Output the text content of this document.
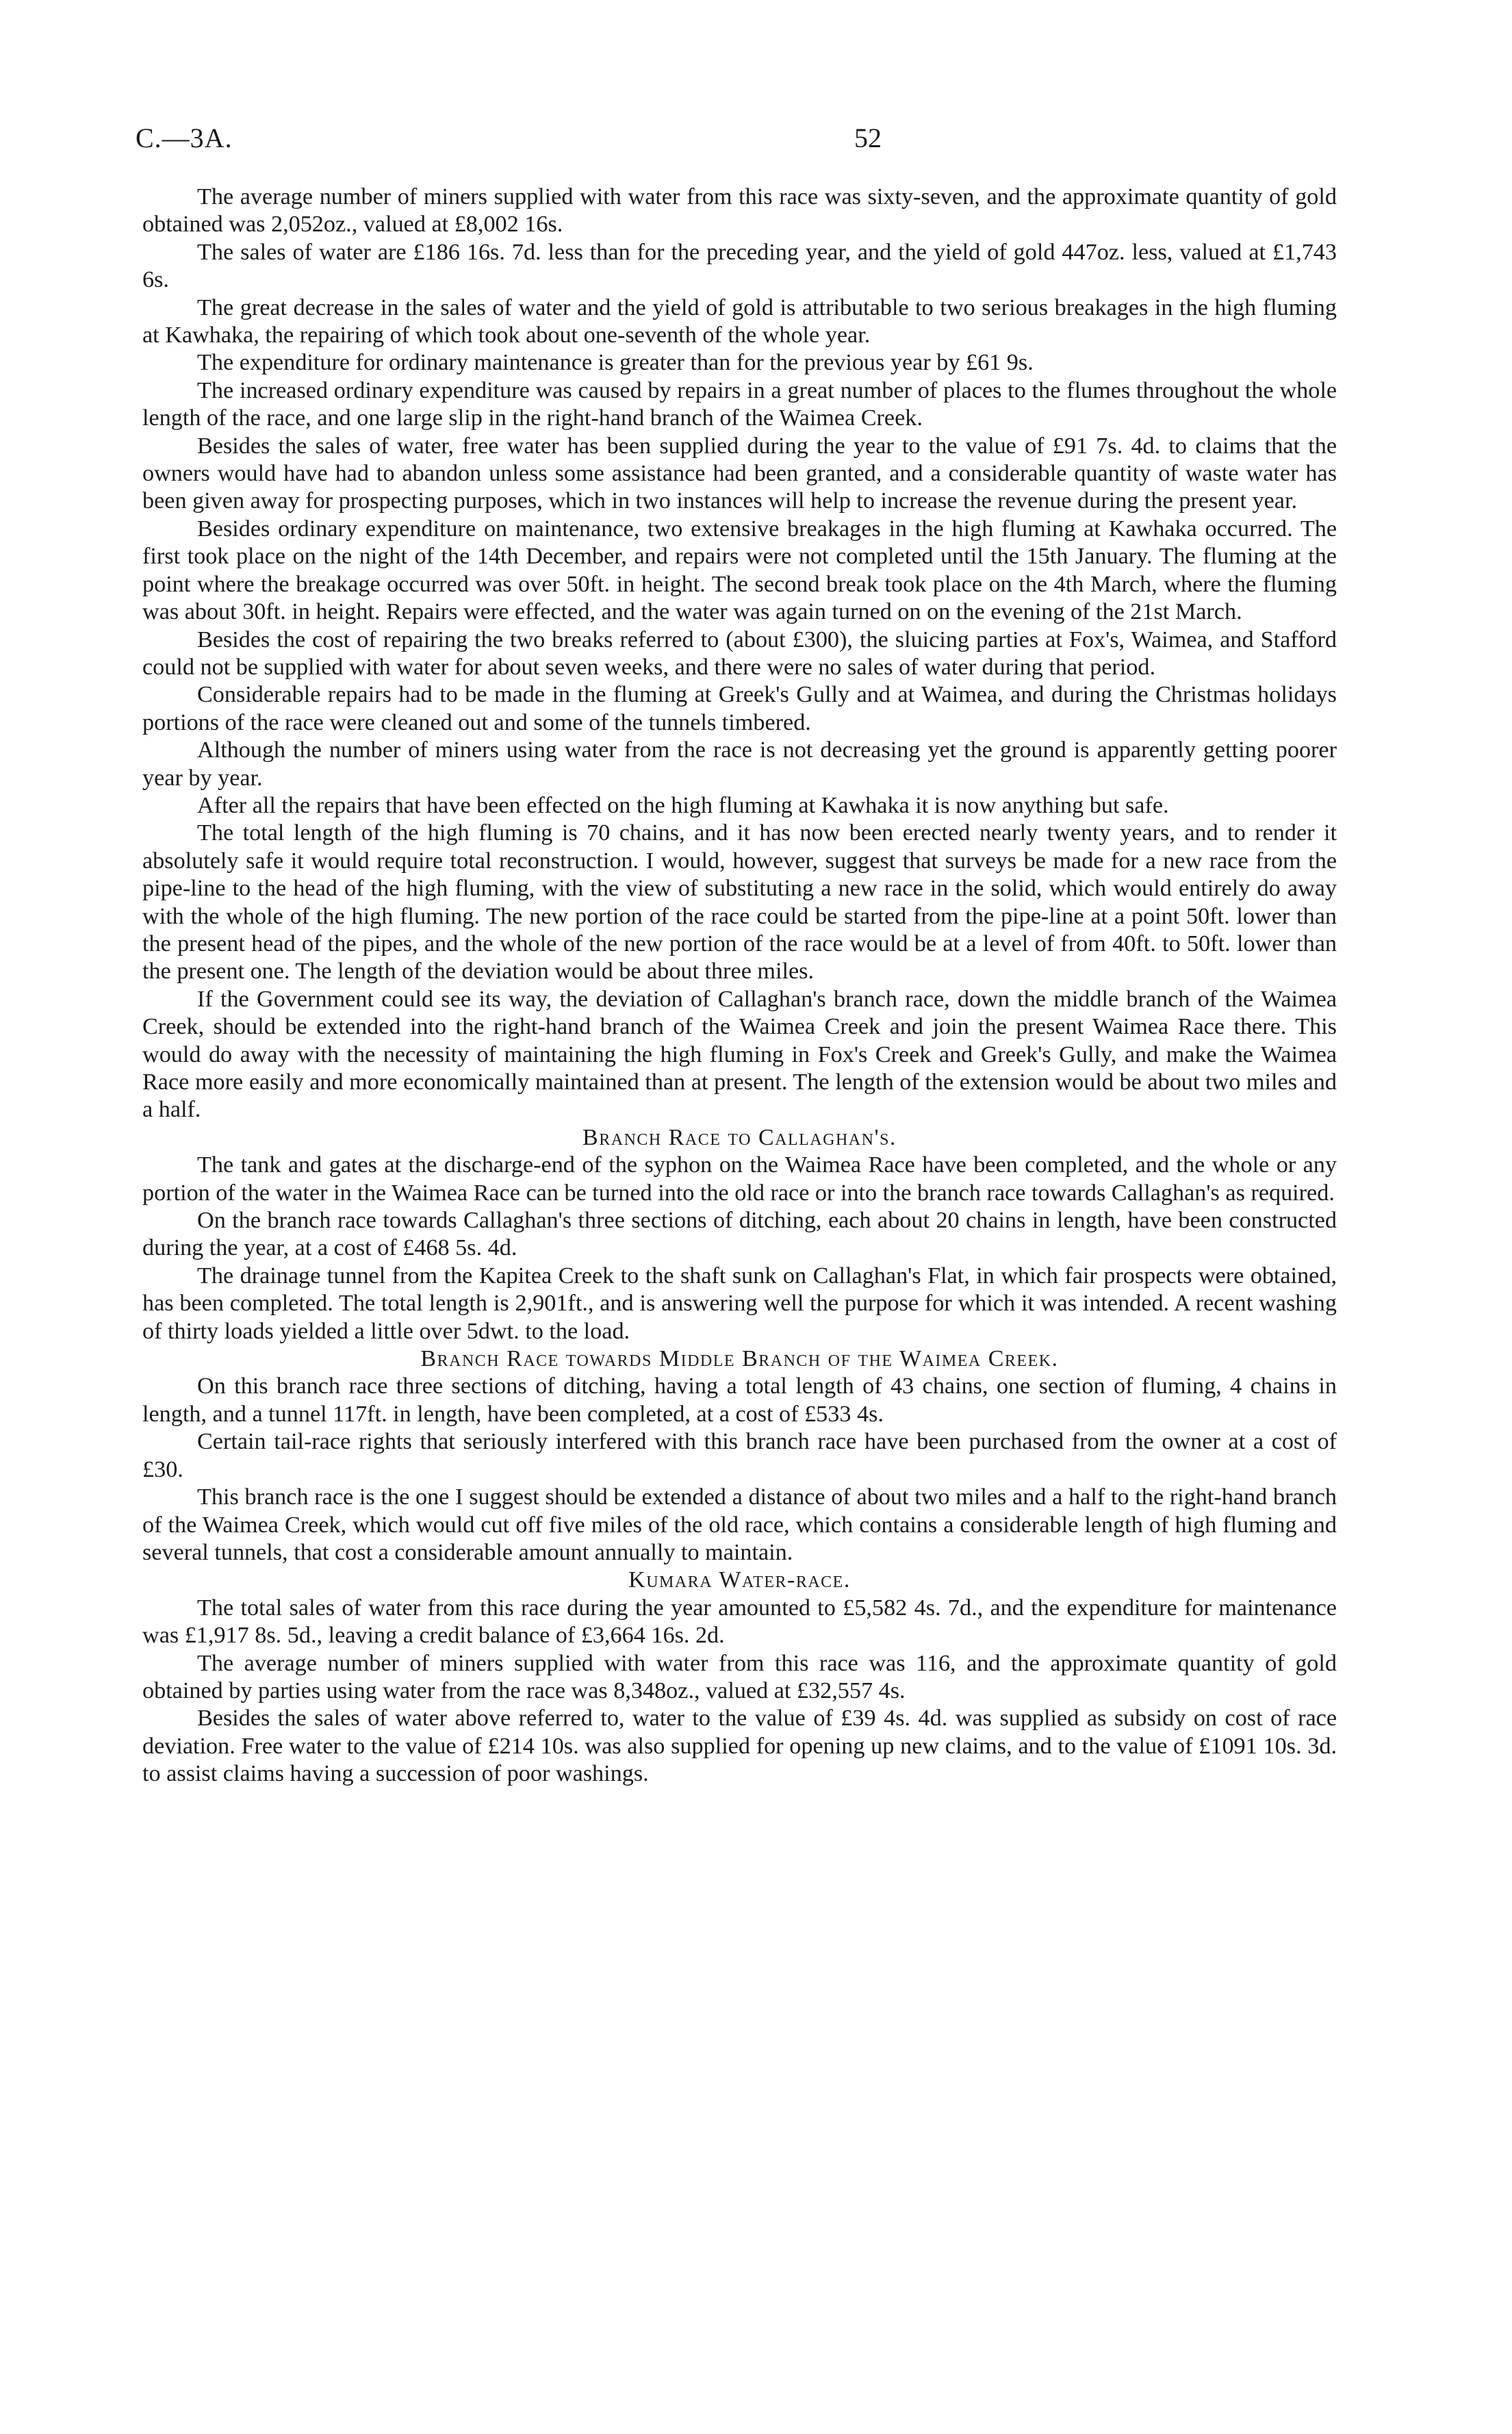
C.—3A.	52

The average number of miners supplied with water from this race was sixty-seven, and the approximate quantity of gold obtained was 2,052oz., valued at £8,002 16s.

The sales of water are £186 16s. 7d. less than for the preceding year, and the yield of gold 447oz. less, valued at £1,743 6s.

The great decrease in the sales of water and the yield of gold is attributable to two serious breakages in the high fluming at Kawhaka, the repairing of which took about one-seventh of the whole year.

The expenditure for ordinary maintenance is greater than for the previous year by £61 9s.

The increased ordinary expenditure was caused by repairs in a great number of places to the flumes throughout the whole length of the race, and one large slip in the right-hand branch of the Waimea Creek.

Besides the sales of water, free water has been supplied during the year to the value of £91 7s. 4d. to claims that the owners would have had to abandon unless some assistance had been granted, and a considerable quantity of waste water has been given away for prospecting purposes, which in two instances will help to increase the revenue during the present year.

Besides ordinary expenditure on maintenance, two extensive breakages in the high fluming at Kawhaka occurred. The first took place on the night of the 14th December, and repairs were not completed until the 15th January. The fluming at the point where the breakage occurred was over 50ft. in height. The second break took place on the 4th March, where the fluming was about 30ft. in height. Repairs were effected, and the water was again turned on on the evening of the 21st March.

Besides the cost of repairing the two breaks referred to (about £300), the sluicing parties at Fox's, Waimea, and Stafford could not be supplied with water for about seven weeks, and there were no sales of water during that period.

Considerable repairs had to be made in the fluming at Greek's Gully and at Waimea, and during the Christmas holidays portions of the race were cleaned out and some of the tunnels timbered.

Although the number of miners using water from the race is not decreasing yet the ground is apparently getting poorer year by year.

After all the repairs that have been effected on the high fluming at Kawhaka it is now anything but safe.

The total length of the high fluming is 70 chains, and it has now been erected nearly twenty years, and to render it absolutely safe it would require total reconstruction. I would, however, suggest that surveys be made for a new race from the pipe-line to the head of the high fluming, with the view of substituting a new race in the solid, which would entirely do away with the whole of the high fluming. The new portion of the race could be started from the pipe-line at a point 50ft. lower than the present head of the pipes, and the whole of the new portion of the race would be at a level of from 40ft. to 50ft. lower than the present one. The length of the deviation would be about three miles.

If the Government could see its way, the deviation of Callaghan's branch race, down the middle branch of the Waimea Creek, should be extended into the right-hand branch of the Waimea Creek and join the present Waimea Race there. This would do away with the necessity of maintaining the high fluming in Fox's Creek and Greek's Gully, and make the Waimea Race more easily and more economically maintained than at present. The length of the extension would be about two miles and a half.

Branch Race to Callaghan's.

The tank and gates at the discharge-end of the syphon on the Waimea Race have been completed, and the whole or any portion of the water in the Waimea Race can be turned into the old race or into the branch race towards Callaghan's as required.

On the branch race towards Callaghan's three sections of ditching, each about 20 chains in length, have been constructed during the year, at a cost of £468 5s. 4d.

The drainage tunnel from the Kapitea Creek to the shaft sunk on Callaghan's Flat, in which fair prospects were obtained, has been completed. The total length is 2,901ft., and is answering well the purpose for which it was intended. A recent washing of thirty loads yielded a little over 5dwt. to the load.

Branch Race towards Middle Branch of the Waimea Creek.

On this branch race three sections of ditching, having a total length of 43 chains, one section of fluming, 4 chains in length, and a tunnel 117ft. in length, have been completed, at a cost of £533 4s.

Certain tail-race rights that seriously interfered with this branch race have been purchased from the owner at a cost of £30.

This branch race is the one I suggest should be extended a distance of about two miles and a half to the right-hand branch of the Waimea Creek, which would cut off five miles of the old race, which contains a considerable length of high fluming and several tunnels, that cost a considerable amount annually to maintain.

Kumara Water-race.

The total sales of water from this race during the year amounted to £5,582 4s. 7d., and the expenditure for maintenance was £1,917 8s. 5d., leaving a credit balance of £3,664 16s. 2d.

The average number of miners supplied with water from this race was 116, and the approximate quantity of gold obtained by parties using water from the race was 8,348oz., valued at £32,557 4s.

Besides the sales of water above referred to, water to the value of £39 4s. 4d. was supplied as subsidy on cost of race deviation. Free water to the value of £214 10s. was also supplied for opening up new claims, and to the value of £1091 10s. 3d. to assist claims having a succession of poor washings.
